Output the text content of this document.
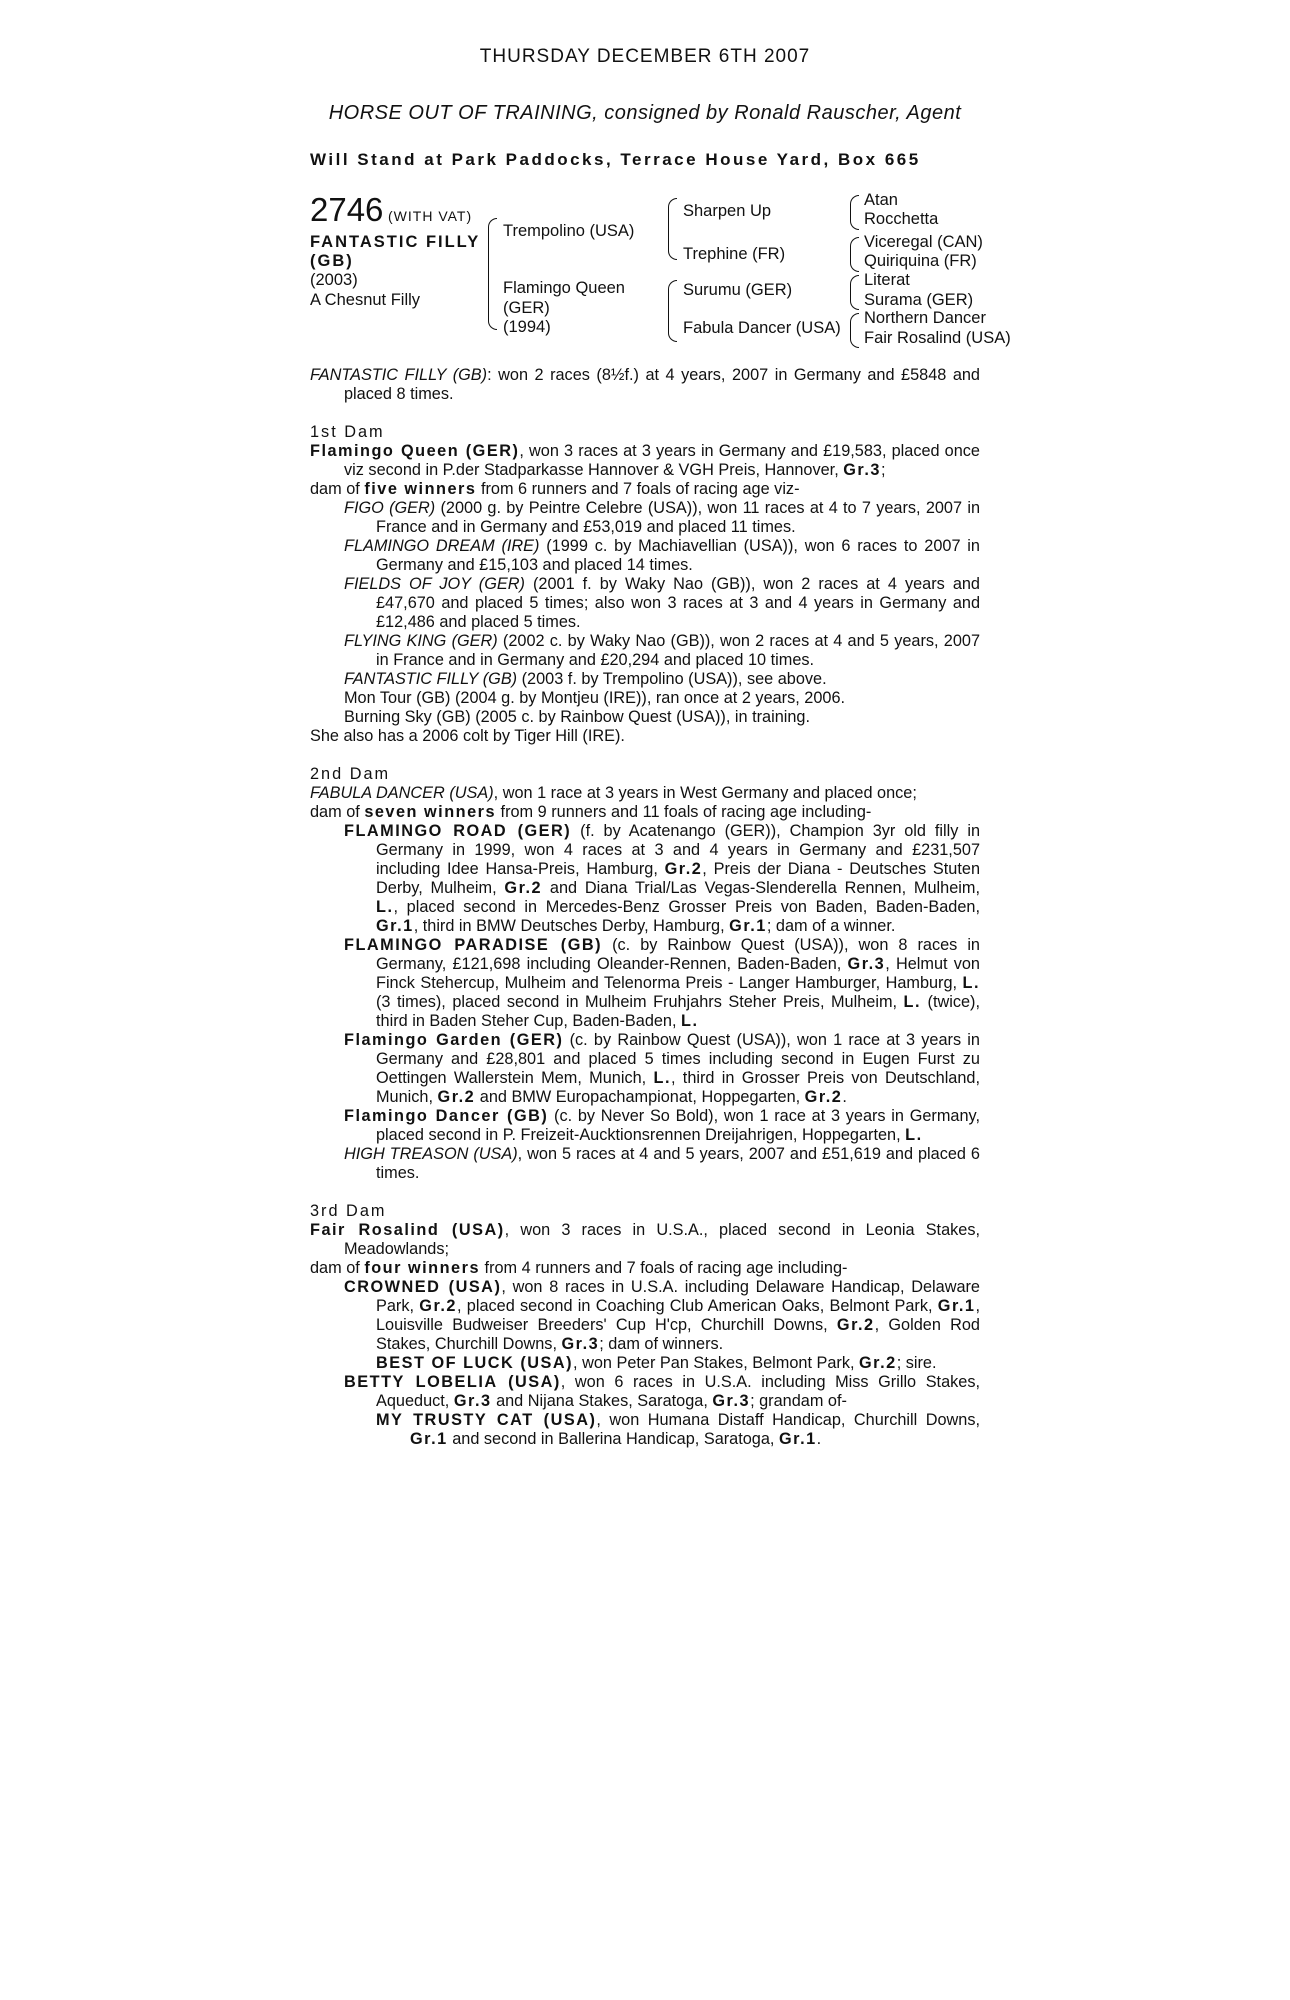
THURSDAY DECEMBER 6TH 2007
HORSE OUT OF TRAINING, consigned by Ronald Rauscher, Agent
Will Stand at Park Paddocks, Terrace House Yard, Box 665
2746 (WITH VAT)
FANTASTIC FILLY
(GB)
(2003)
A Chesnut Filly
Trempolino (USA)
Flamingo Queen
(GER)
(1994)
Sharpen Up
Trephine (FR)
Surumu (GER)
Fabula Dancer (USA)
Atan
Rocchetta
Viceregal (CAN)
Quiriquina (FR)
Literat
Surama (GER)
Northern Dancer
Fair Rosalind (USA)

FANTASTIC FILLY (GB): won 2 races (8½f.) at 4 years, 2007 in Germany and £5848 and placed 8 times.

1st Dam

Flamingo Queen (GER), won 3 races at 3 years in Germany and £19,583, placed once viz second in P.der Stadparkasse Hannover & VGH Preis, Hannover, Gr.3;

dam of five winners from 6 runners and 7 foals of racing age viz-

FIGO (GER) (2000 g. by Peintre Celebre (USA)), won 11 races at 4 to 7 years, 2007 in France and in Germany and £53,019 and placed 11 times.

FLAMINGO DREAM (IRE) (1999 c. by Machiavellian (USA)), won 6 races to 2007 in Germany and £15,103 and placed 14 times.

FIELDS OF JOY (GER) (2001 f. by Waky Nao (GB)), won 2 races at 4 years and £47,670 and placed 5 times; also won 3 races at 3 and 4 years in Germany and £12,486 and placed 5 times.

FLYING KING (GER) (2002 c. by Waky Nao (GB)), won 2 races at 4 and 5 years, 2007 in France and in Germany and £20,294 and placed 10 times.

FANTASTIC FILLY (GB) (2003 f. by Trempolino (USA)), see above.

Mon Tour (GB) (2004 g. by Montjeu (IRE)), ran once at 2 years, 2006.

Burning Sky (GB) (2005 c. by Rainbow Quest (USA)), in training.

She also has a 2006 colt by Tiger Hill (IRE).

2nd Dam

FABULA DANCER (USA), won 1 race at 3 years in West Germany and placed once;

dam of seven winners from 9 runners and 11 foals of racing age including-

FLAMINGO ROAD (GER) (f. by Acatenango (GER)), Champion 3yr old filly in Germany in 1999, won 4 races at 3 and 4 years in Germany and £231,507 including Idee Hansa-Preis, Hamburg, Gr.2, Preis der Diana - Deutsches Stuten Derby, Mulheim, Gr.2 and Diana Trial/Las Vegas-Slenderella Rennen, Mulheim, L., placed second in Mercedes-Benz Grosser Preis von Baden, Baden-Baden, Gr.1, third in BMW Deutsches Derby, Hamburg, Gr.1; dam of a winner.

FLAMINGO PARADISE (GB) (c. by Rainbow Quest (USA)), won 8 races in Germany, £121,698 including Oleander-Rennen, Baden-Baden, Gr.3, Helmut von Finck Stehercup, Mulheim and Telenorma Preis - Langer Hamburger, Hamburg, L. (3 times), placed second in Mulheim Fruhjahrs Steher Preis, Mulheim, L. (twice), third in Baden Steher Cup, Baden-Baden, L.

Flamingo Garden (GER) (c. by Rainbow Quest (USA)), won 1 race at 3 years in Germany and £28,801 and placed 5 times including second in Eugen Furst zu Oettingen Wallerstein Mem, Munich, L., third in Grosser Preis von Deutschland, Munich, Gr.2 and BMW Europachampionat, Hoppegarten, Gr.2.

Flamingo Dancer (GB) (c. by Never So Bold), won 1 race at 3 years in Germany, placed second in P. Freizeit-Aucktionsrennen Dreijahrigen, Hoppegarten, L.

HIGH TREASON (USA), won 5 races at 4 and 5 years, 2007 and £51,619 and placed 6 times.

3rd Dam

Fair Rosalind (USA), won 3 races in U.S.A., placed second in Leonia Stakes, Meadowlands;

dam of four winners from 4 runners and 7 foals of racing age including-

CROWNED (USA), won 8 races in U.S.A. including Delaware Handicap, Delaware Park, Gr.2, placed second in Coaching Club American Oaks, Belmont Park, Gr.1, Louisville Budweiser Breeders' Cup H'cp, Churchill Downs, Gr.2, Golden Rod Stakes, Churchill Downs, Gr.3; dam of winners.

BEST OF LUCK (USA), won Peter Pan Stakes, Belmont Park, Gr.2; sire.

BETTY LOBELIA (USA), won 6 races in U.S.A. including Miss Grillo Stakes, Aqueduct, Gr.3 and Nijana Stakes, Saratoga, Gr.3; grandam of-

MY TRUSTY CAT (USA), won Humana Distaff Handicap, Churchill Downs, Gr.1 and second in Ballerina Handicap, Saratoga, Gr.1.
